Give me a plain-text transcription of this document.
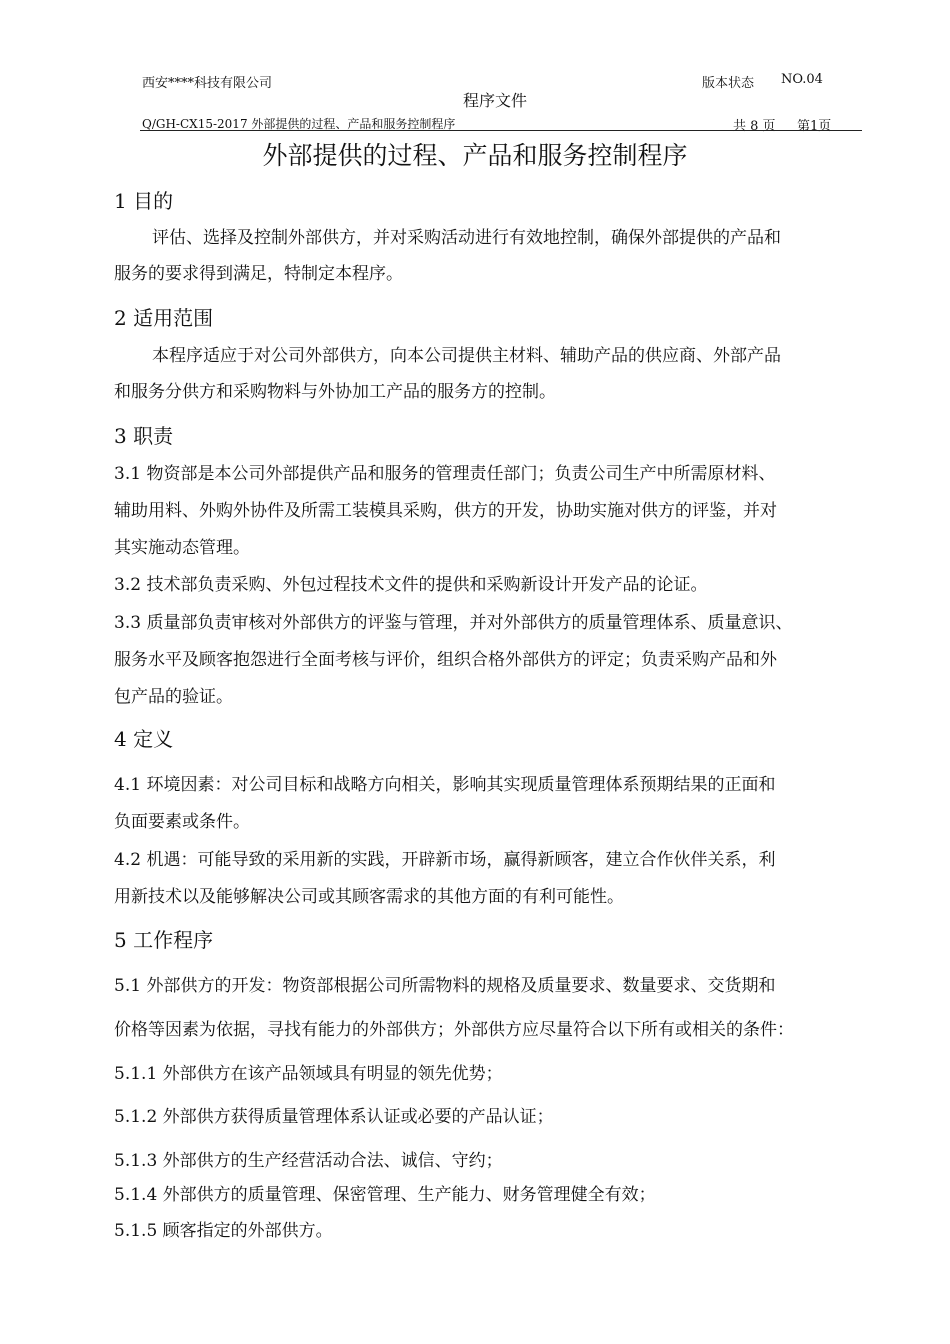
西安****科技有限公司	版本状态 NO.04
程序文件
Q/GH-CX15-2017 外部提供的过程、产品和服务控制程序	共 8 页 第1页
外部提供的过程、产品和服务控制程序
1 目的
评估、选择及控制外部供方，并对采购活动进行有效地控制，确保外部提供的产品和
服务的要求得到满足，特制定本程序。
2 适用范围
本程序适应于对公司外部供方，向本公司提供主材料、辅助产品的供应商、外部产品
和服务分供方和采购物料与外协加工产品的服务方的控制。
3 职责
3.1 物资部是本公司外部提供产品和服务的管理责任部门；负责公司生产中所需原材料、
辅助用料、外购外协件及所需工装模具采购，供方的开发，协助实施对供方的评鉴，并对
其实施动态管理。
3.2 技术部负责采购、外包过程技术文件的提供和采购新设计开发产品的论证。
3.3 质量部负责审核对外部供方的评鉴与管理，并对外部供方的质量管理体系、质量意识、
服务水平及顾客抱怨进行全面考核与评价，组织合格外部供方的评定；负责采购产品和外
包产品的验证。
4 定义
4.1 环境因素：对公司目标和战略方向相关，影响其实现质量管理体系预期结果的正面和
负面要素或条件。
4.2 机遇：可能导致的采用新的实践，开辟新市场，赢得新顾客，建立合作伙伴关系，利
用新技术以及能够解决公司或其顾客需求的其他方面的有利可能性。
5 工作程序
5.1 外部供方的开发：物资部根据公司所需物料的规格及质量要求、数量要求、交货期和
价格等因素为依据，寻找有能力的外部供方；外部供方应尽量符合以下所有或相关的条件：
5.1.1 外部供方在该产品领域具有明显的领先优势；
5.1.2 外部供方获得质量管理体系认证或必要的产品认证；
5.1.3 外部供方的生产经营活动合法、诚信、守约；
5.1.4 外部供方的质量管理、保密管理、生产能力、财务管理健全有效；
5.1.5 顾客指定的外部供方。
